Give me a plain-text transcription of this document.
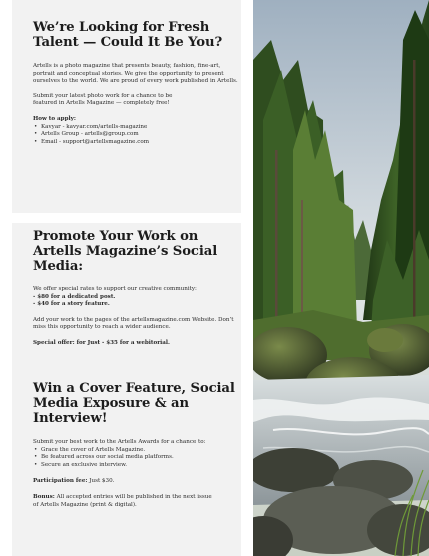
We’re Looking for Fresh Talent — Could It Be You?

Artells is a photo magazine that presents beauty, fashion, fine-art, portrait and conceptual stories. We give the opportunity to present ourselves to the world. We are proud of every work published in Artells.

Submit your latest photo work for a chance to be featured in Artells Magazine — completely free!

How to apply:

• Kavyar - kavyar.com/artells-magazine
• Artells Group - artells@group.com
• Email - support@artellsmagazine.com
Promote Your Work on Artells Magazine’s Social Media:

We offer special rates to support our creative community:

- $80 for a dedicated post.

- $40 for a story feature.

Add your work to the pages of the artellsmagazine.com Website. Don’t miss this opportunity to reach a wider audience.

Special offer: for Just - $35 for a webitorial.

Win a Cover Feature, Social Media Exposure & an Interview!

Submit your best work to the Artells Awards for a chance to:

• Grace the cover of Artells Magazine.
• Be featured across our social media platforms.
• Secure an exclusive interview.

Participation fee: Just $30.

Bonus: All accepted entries will be published in the next issue of Artells Magazine (print & digital).
